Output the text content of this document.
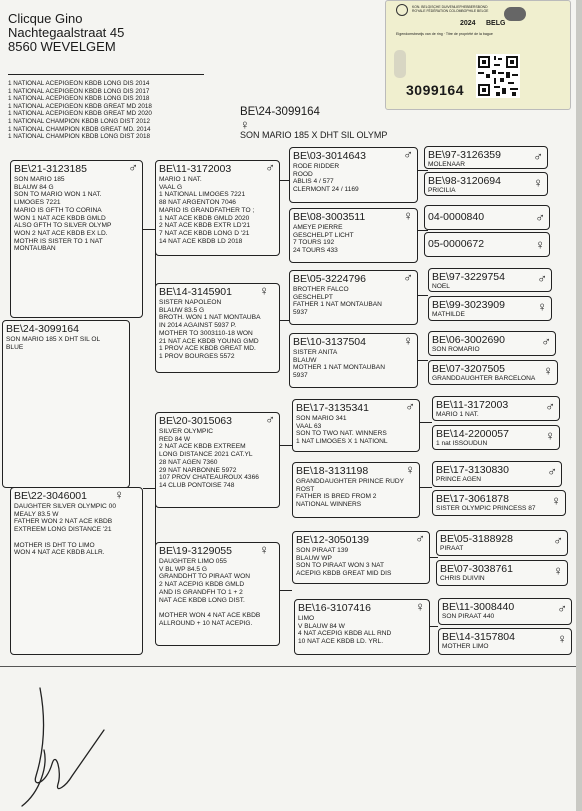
Clicque Gino
Nachtegaalstraat 45
8560 WEVELGEM
1 NATIONAL ACEPIGEON KBDB LONG DIS 2014
1 NATIONAL ACEPIGEON KBDB LONG DIS 2017
1 NATIONAL ACEPIGEON KBDB LONG DIS 2018
1 NATIONAL ACEPIGEON KBDB GREAT MD 2018
1 NATIONAL ACEPIGEON KBDB GREAT MD 2020
1 NATIONAL CHAMPION KBDB LONG DIST 2012
1 NATIONAL CHAMPION KBDB GREAT MD. 2014
1 NATIONAL CHAMPION KBDB LONG DIST 2018
BE\24-3099164
♀
SON MARIO 185 X DHT SIL OLYMP
KON. BELGISCHE DUIVENLIEFHEBBERSBOND
ROYALE FÉDÉRATION COLOMBOPHILE BELGE
2024 BELG
Eigendomsbewijs van de ring · Titre de propriété de la bague
3099164
BE\24-3099164
SON MARIO 185 X DHT SIL OL
BLUE
BE\21-3123185	♂
SON MARIO 185
BLAUW 84 G
SON TO MARIO WON 1 NAT.
LIMOGES 7221
MARIO IS GFTH TO CORINA
WON 1 NAT ACE KBDB GMLD
ALSO GFTH TO SILVER OLYMP
WON 2 NAT ACE KBDB EX LD.
MOTHR IS SISTER TO 1 NAT
MONTAUBAN
BE\22-3046001 ♀
DAUGHTER SILVER OLYMPIC 00
MEALY 83.5 W
FATHER WON 2 NAT ACE KBDB
EXTREEM LONG DISTANCE '21

MOTHER IS DHT TO LIMO
WON 4 NAT ACE KBDB ALLR.
BE\11-3172003	♂
MARIO 1 NAT.
VAAL G
1 NATIONAL LIMOGES 7221
88 NAT ARGENTON 7046
MARIO IS GRANDFATHER TO ;
1 NAT ACE KBDB GMLD 2020
2 NAT ACE KBDB EXTR LD'21
7 NAT ACE KBDB LONG D '21
14 NAT ACE KBDB LD 2018
BE\14-3145901 ♀
SISTER NAPOLEON
BLAUW 83.5 G
BROTH. WON 1 NAT MONTAUBA
IN 2014 AGAINST 5937 P.
MOTHER TO 3003110-18 WON
21 NAT ACE KBDB YOUNG GMD
1 PROV ACE KBDB GREAT MD.
1 PROV BOURGES 5572
BE\20-3015063	♂
SILVER OLYMPIC
RED 84 W
2 NAT ACE KBDB EXTREEM
LONG DISTANCE 2021 CAT.YL
28 NAT AGEN 7360
29 NAT NARBONNE 5972
107 PROV CHATEAUROUX 4366
14 CLUB PONTOISE 748
BE\19-3129055 ♀
DAUGHTER LIMO 055
V BL WP 84.5 G
GRANDDHT TO PIRAAT WON
2 NAT ACEPIG KBDB GMLD
AND IS GRANDFH TO 1 + 2
NAT ACE KBDB LONG DIST.

MOTHER WON 4 NAT ACE KBDB
ALLROUND + 10 NAT ACEPIG.
BE\03-3014643	♂
RODE RIDDER
ROOD
ABLIS 4 / 577
CLERMONT 24 / 1169
BE\08-3003511	♀
AMEYE PIERRE
GESCHELPT LICHT
7 TOURS 192
24 TOURS 433
BE\05-3224796	♂
BROTHER FALCO
GESCHELPT
FATHER 1 NAT MONTAUBAN
5937
BE\10-3137504	♀
SISTER ANITA
BLAUW
MOTHER 1 NAT MONTAUBAN
5937
BE\17-3135341	♂
SON MARIO 341
VAAL 63
SON TO TWO NAT. WINNERS
1 NAT LIMOGES X 1 NATIONL
BE\18-3131198	♀
GRANDDAUGHTER PRINCE RUDY
ROST
FATHER IS BRED FROM 2
NATIONAL WINNERS
BE\12-3050139	♂
SON PIRAAT 139
BLAUW WP
SON TO PIRAAT WON 3 NAT
ACEPIG KBDB GREAT MID DIS
BE\16-3107416	♀
LIMO
V BLAUW 84 W
4 NAT ACEPIG KBDB ALL RND
10 NAT ACE KBDB LD. YRL.
BE\97-3126359 ♂
MOLENAAR
BE\98-3120694 ♀
PRICILIA
04-0000840	♂
05-0000672	♀
BE\97-3229754 ♂
NOEL
BE\99-3023909 ♀
MATHILDE
BE\06-3002690	♂
SON ROMARIO
BE\07-3207505	♀
GRANDDAUGHTER BARCELONA
BE\11-3172003	♂
MARIO 1 NAT.
BE\14-2200057	♀
1 nat ISSOUDUN
BE\17-3130830	♂
PRINCE AGEN
BE\17-3061878	♀
SISTER OLYMPIC PRINCESS 87
BE\05-3188928	♂
PIRAAT
BE\07-3038761	♀
CHRIS DUIVIN
BE\11-3008440	♂
SON PIRAAT 440
BE\14-3157804	♀
MOTHER LIMO
